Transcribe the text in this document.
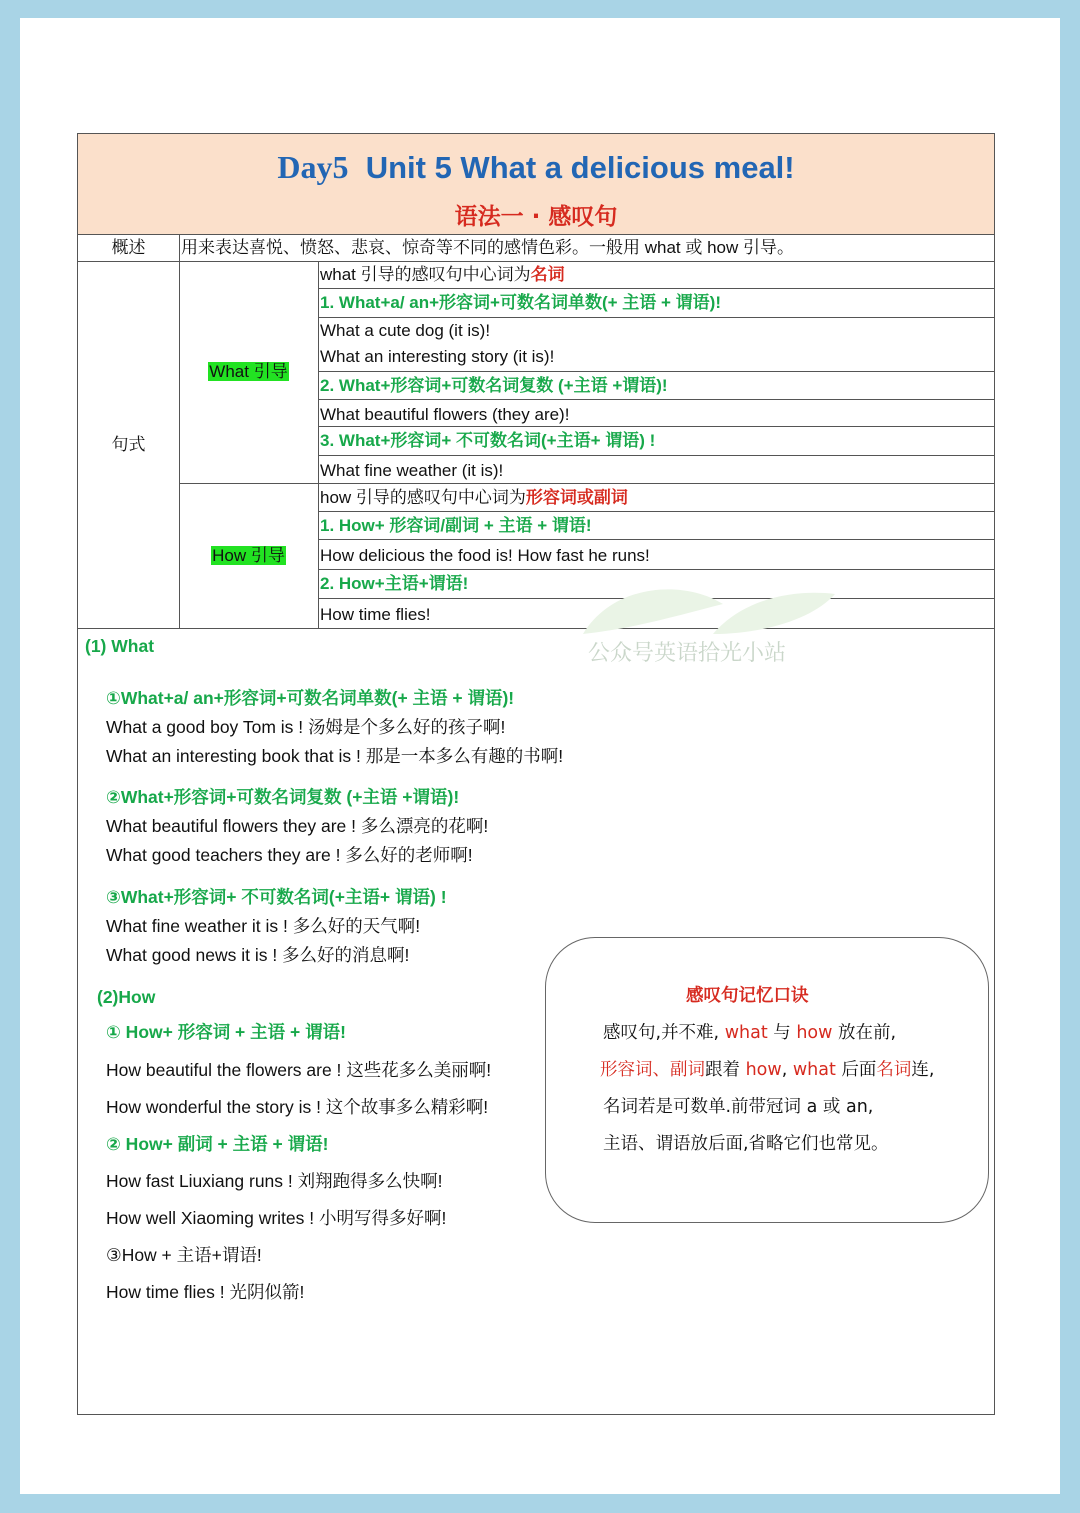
Day5 Unit 5 What a delicious meal!
语法一 · 感叹句
概述	用来表达喜悦、愤怒、悲哀、惊奇等不同的感情色彩。一般用 what 或 how 引导。
句式
What 引导
How 引导
what 引导的感叹句中心词为名词
1. What+a/ an+形容词+可数名词单数(+ 主语 + 谓语)!
What a cute dog (it is)!
What an interesting story (it is)!
2. What+形容词+可数名词复数 (+主语 +谓语)!
What beautiful flowers (they are)!
3. What+形容词+ 不可数名词(+主语+ 谓语) !
What fine weather (it is)!
how 引导的感叹句中心词为形容词或副词
1. How+ 形容词/副词 + 主语 + 谓语!
How delicious the food is! How fast he runs!
2. How+主语+谓语!
How time flies!
公众号英语拾光小站
(1) What
①What+a/ an+形容词+可数名词单数(+ 主语 + 谓语)!
What a good boy Tom is ! 汤姆是个多么好的孩子啊!
What an interesting book that is ! 那是一本多么有趣的书啊!
②What+形容词+可数名词复数 (+主语 +谓语)!
What beautiful flowers they are ! 多么漂亮的花啊!
What good teachers they are ! 多么好的老师啊!
③What+形容词+ 不可数名词(+主语+ 谓语) !
What fine weather it is ! 多么好的天气啊!
What good news it is ! 多么好的消息啊!
(2)How
① How+ 形容词 + 主语 + 谓语!
How beautiful the flowers are ! 这些花多么美丽啊!
How wonderful the story is ! 这个故事多么精彩啊!
② How+ 副词 + 主语 + 谓语!
How fast Liuxiang runs ! 刘翔跑得多么快啊!
How well Xiaoming writes ! 小明写得多好啊!
③How + 主语+谓语!
How time flies ! 光阴似箭!
感叹句记忆口诀
感叹句,并不难, what 与 how 放在前,
形容词、副词跟着 how, what 后面名词连,
名词若是可数单.前带冠词 a 或 an,
主语、谓语放后面,省略它们也常见。
